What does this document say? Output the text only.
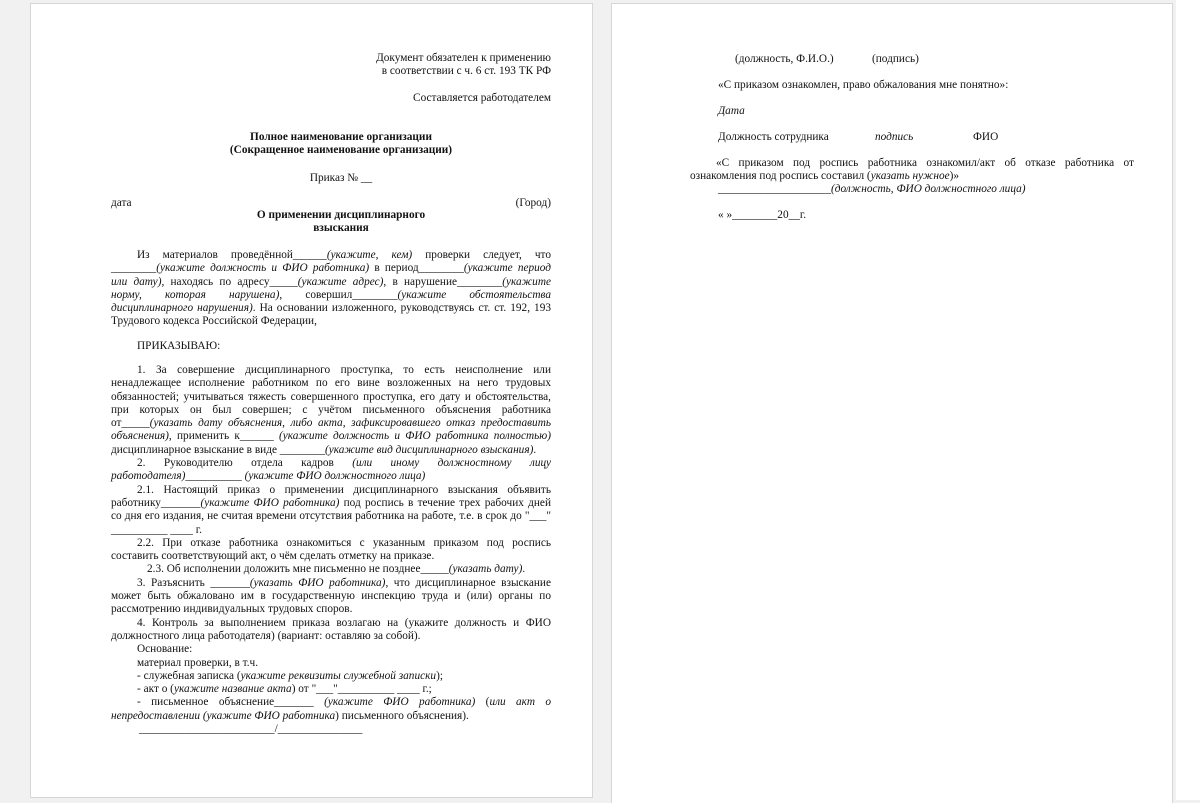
Документ обязателен к применению
в соответствии с ч. 6 ст. 193 ТК РФ
Составляется работодателем
Полное наименование организации
(Сокращенное наименование организации)
Приказ № __
дата	(Город)
О применении дисциплинарного
взыскания

Из материалов проведённой______(укажите, кем) проверки следует, что ________(укажите должность и ФИО работника) в период________(укажите период или дату), находясь по адресу_____(укажите адрес), в нарушение________(укажите норму, которая нарушена), совершил________(укажите обстоятельства дисциплинарного нарушения). На основании изложенного, руководствуясь ст. ст. 192, 193 Трудового кодекса Российской Федерации,

ПРИКАЗЫВАЮ:

1. За совершение дисциплинарного проступка, то есть неисполнение или ненадлежащее исполнение работником по его вине возложенных на него трудовых обязанностей; учитываться тяжесть совершенного проступка, его дату и обстоятельства, при которых он был совершен; с учётом письменного объяснения работника от_____(указать дату объяснения, либо акта, зафиксировавшего отказ предоставить объяснения), применить к______ (укажите должность и ФИО работника полностью) дисциплинарное взыскание в виде ________(укажите вид дисциплинарного взыскания).

2. Руководителю отдела кадров (или иному должностному лицу работодателя)__________ (укажите ФИО должностного лица)

2.1. Настоящий приказ о применении дисциплинарного взыскания объявить работнику_______(укажите ФИО работника) под роспись в течение трех рабочих дней со дня его издания, не считая времени отсутствия работника на работе, т.е. в срок до "___" __________ ____ г.

2.2. При отказе работника ознакомиться с указанным приказом под роспись составить соответствующий акт, о чём сделать отметку на приказе.

2.3. Об исполнении доложить мне письменно не позднее_____(указать дату).

3. Разъяснить _______(указать ФИО работника), что дисциплинарное взыскание может быть обжаловано им в государственную инспекцию труда и (или) органы по рассмотрению индивидуальных трудовых споров.

4. Контроль за выполнением приказа возлагаю на (укажите должность и ФИО должностного лица работодателя) (вариант: оставляю за собой).

Основание:

материал проверки, в т.ч.

- служебная записка (укажите реквизиты служебной записки);

- акт о (укажите название акта) от "___"__________ ____ г.;

- письменное объяснение_______ (укажите ФИО работника) (или акт о непредоставлении (укажите ФИО работника) письменного объяснения).

________________________/_______________
(должность, Ф.И.О.)	(подпись)
«С приказом ознакомлен, право обжалования мне понятно»:
Дата
Должность сотрудника	подпись	ФИО

«С приказом под роспись работника ознакомил/акт об отказе работника от ознакомления под роспись составил (указать нужное)»

____________________(должность, ФИО должностного лица)
« »________20__г.
